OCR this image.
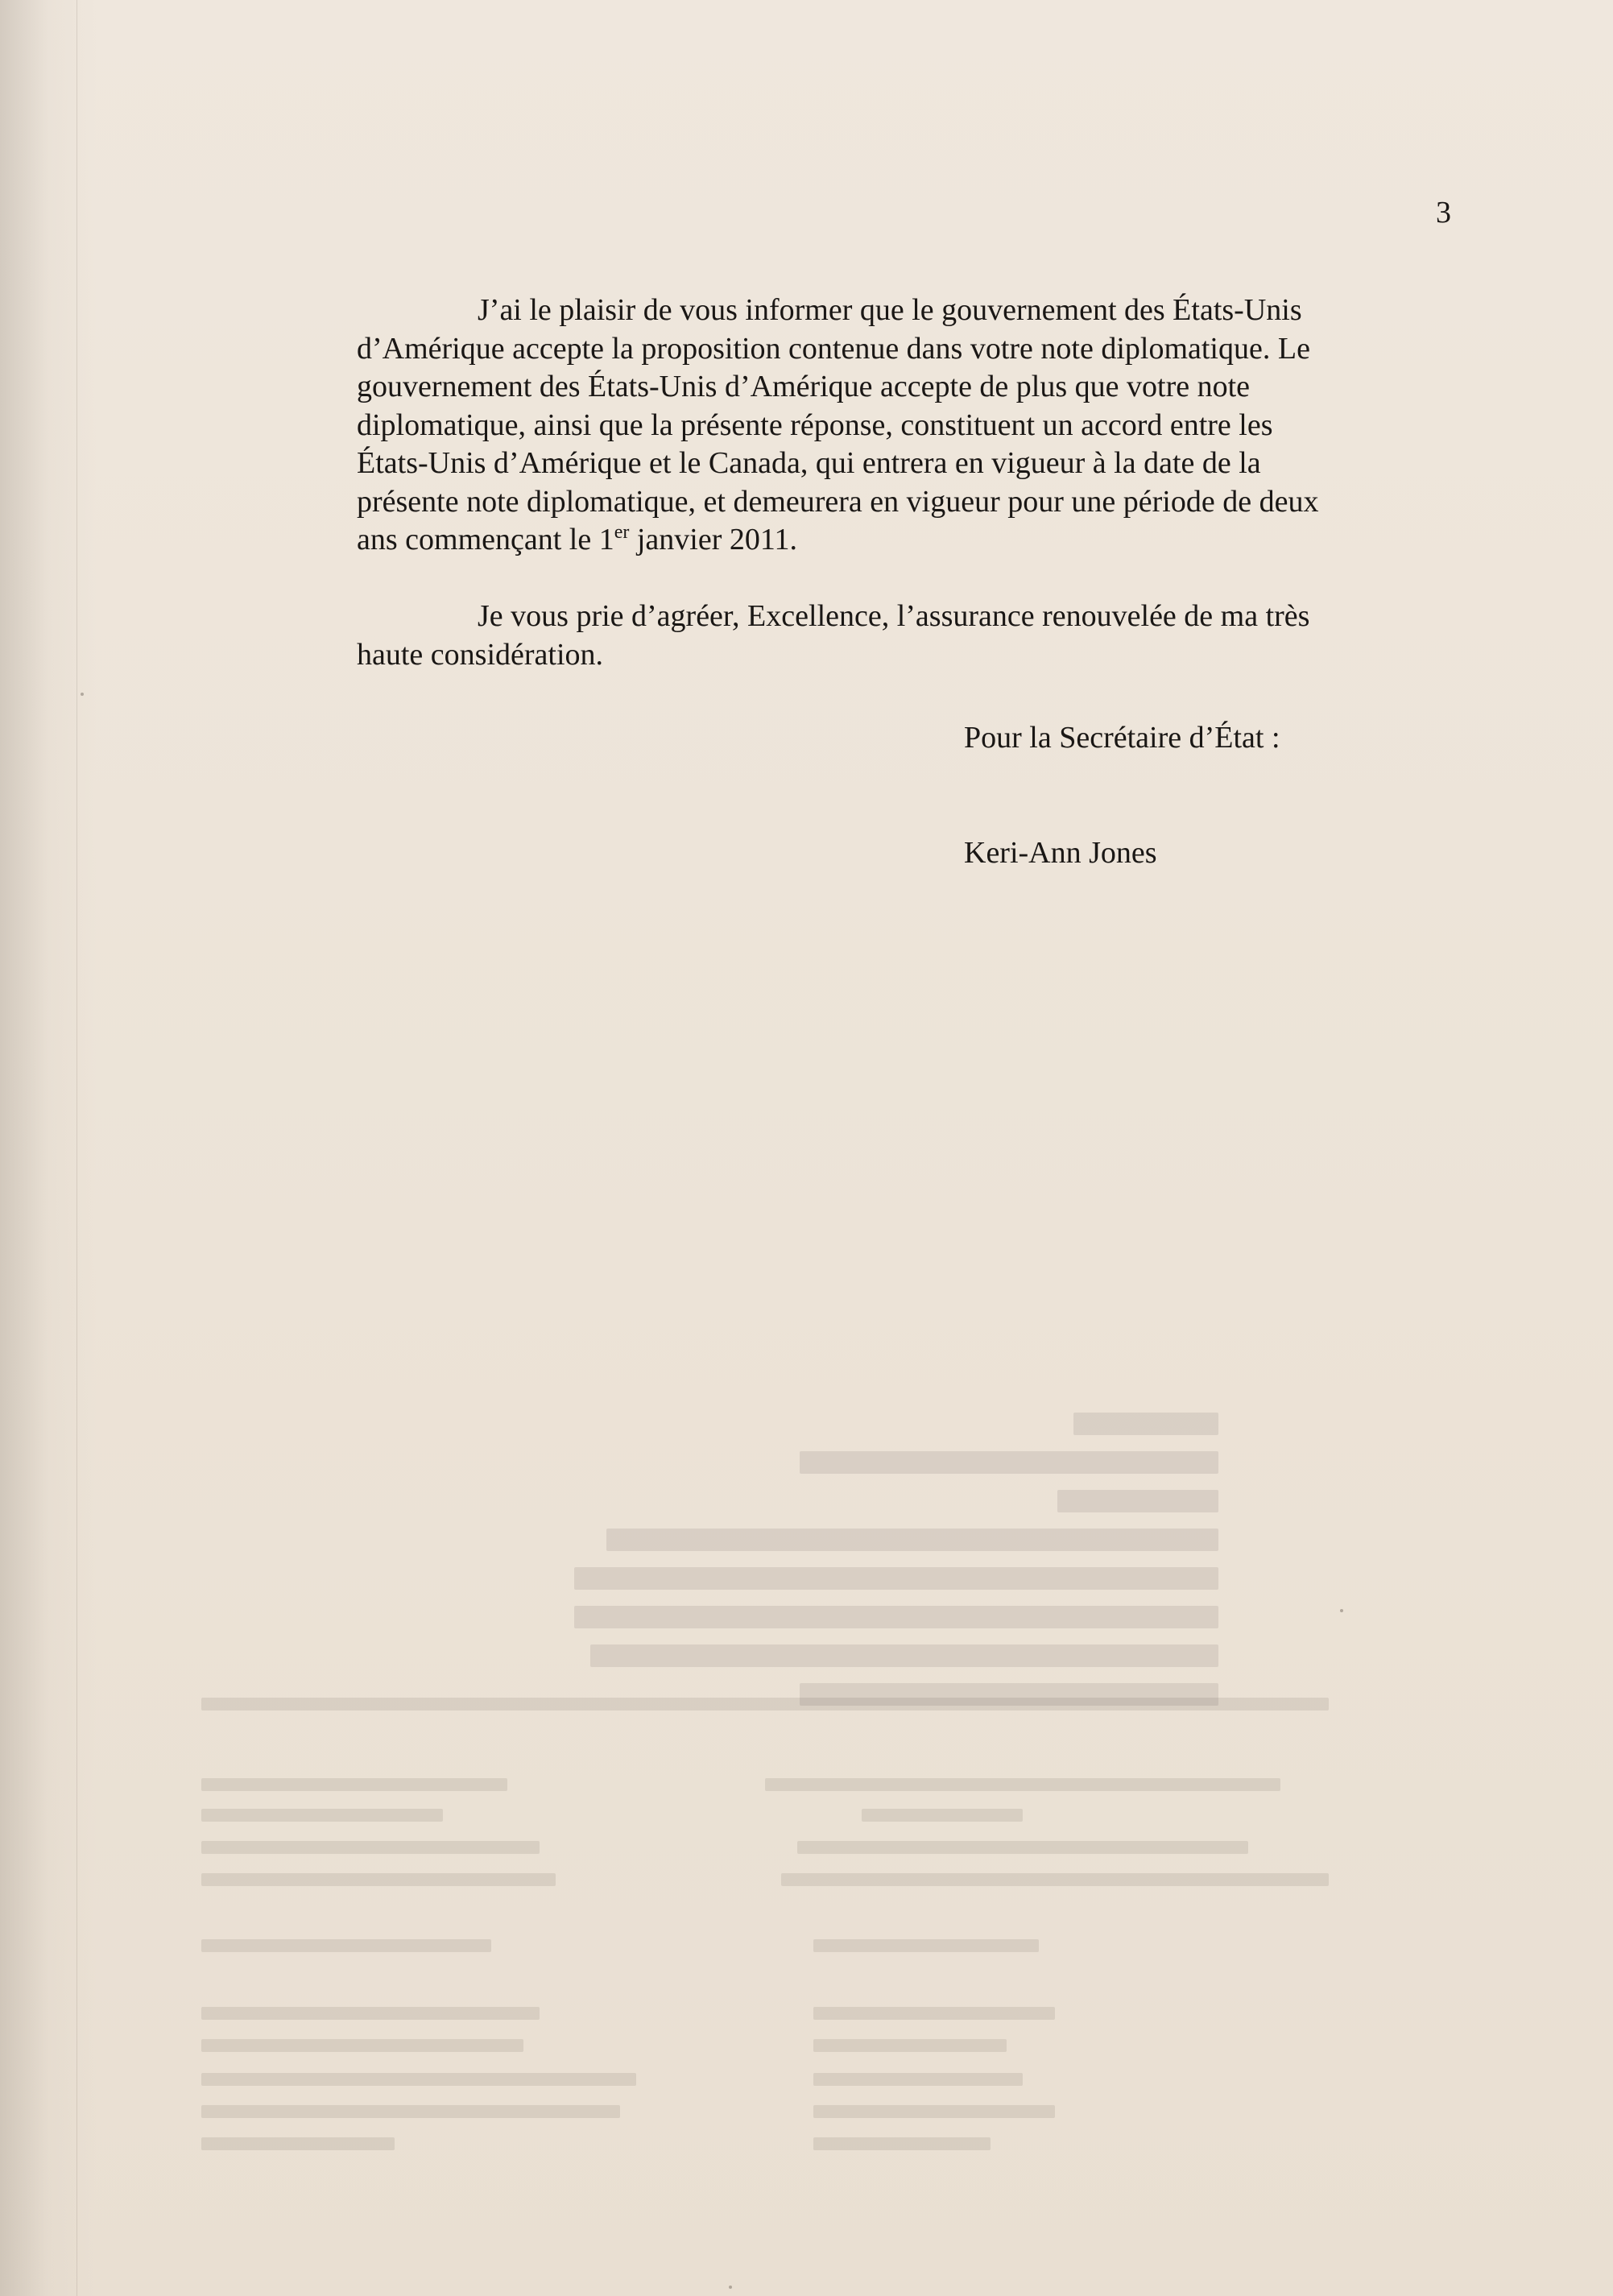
3

J’ai le plaisir de vous informer que le gouvernement des États-Unis
d’Amérique accepte la proposition contenue dans votre note diplomatique. Le
gouvernement des États-Unis d’Amérique accepte de plus que votre note
diplomatique, ainsi que la présente réponse, constituent un accord entre les
États-Unis d’Amérique et le Canada, qui entrera en vigueur à la date de la
présente note diplomatique, et demeurera en vigueur pour une période de deux
ans commençant le 1er janvier 2011.

Je vous prie d’agréer, Excellence, l’assurance renouvelée de ma très
haute considération.

Pour la Secrétaire d’État :

Keri-Ann Jones
